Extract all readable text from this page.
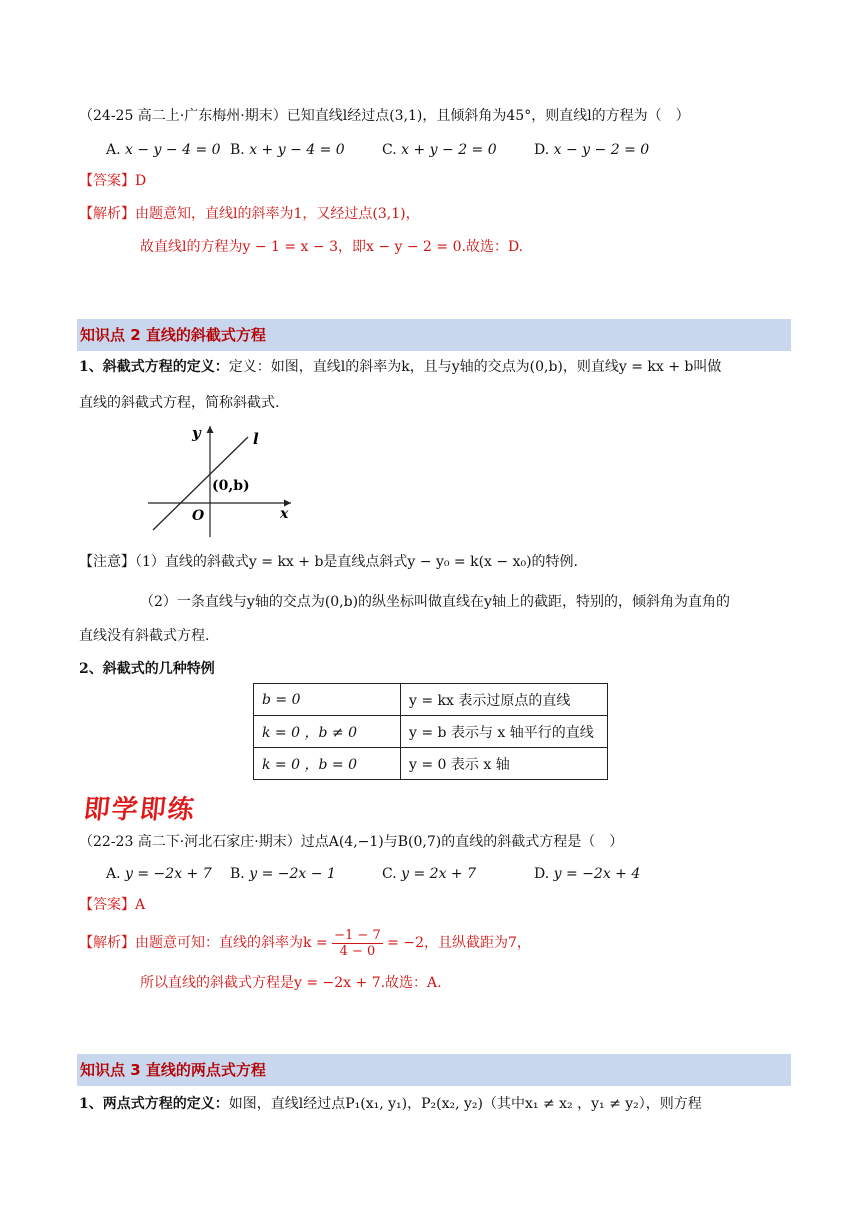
（24-25 高二上·广东梅州·期末）已知直线l经过点(3,1)，且倾斜角为45°，则直线l的方程为（　）
A. x − y − 4 = 0 B. x + y − 4 = 0	C. x + y − 2 = 0	D. x − y − 2 = 0
【答案】D
【解析】由题意知，直线l的斜率为1，又经过点(3,1)，
故直线l的方程为y − 1 = x − 3，即x − y − 2 = 0.故选：D.
知识点 2 直线的斜截式方程
1、斜截式方程的定义：定义：如图，直线l的斜率为k，且与y轴的交点为(0,b)，则直线y = kx + b叫做
直线的斜截式方程，简称斜截式.
y
x
O
l
(0,b)
【注意】（1）直线的斜截式y = kx + b是直线点斜式y − y₀ = k(x − x₀)的特例.
（2）一条直线与y轴的交点为(0,b)的纵坐标叫做直线在y轴上的截距，特别的，倾斜角为直角的
直线没有斜截式方程.
2、斜截式的几种特例
b = 0	y = kx 表示过原点的直线
k = 0 ，b ≠ 0	y = b 表示与 x 轴平行的直线
k = 0 ，b = 0	y = 0 表示 x 轴
即学即练
（22-23 高二下·河北石家庄·期末）过点A(4,−1)与B(0,7)的直线的斜截式方程是（　）
A. y = −2x + 7 B. y = −2x − 1	C. y = 2x + 7	D. y = −2x + 4
【答案】A
【解析】由题意可知：直线的斜率为$k = \frac{-1 - 7}{4 - 0} = -2$，且纵截距为7，
所以直线的斜截式方程是y = −2x + 7.故选：A.
知识点 3 直线的两点式方程
1、两点式方程的定义：如图，直线l经过点P₁(x₁, y₁)，P₂(x₂, y₂)（其中x₁ ≠ x₂ ，y₁ ≠ y₂），则方程
